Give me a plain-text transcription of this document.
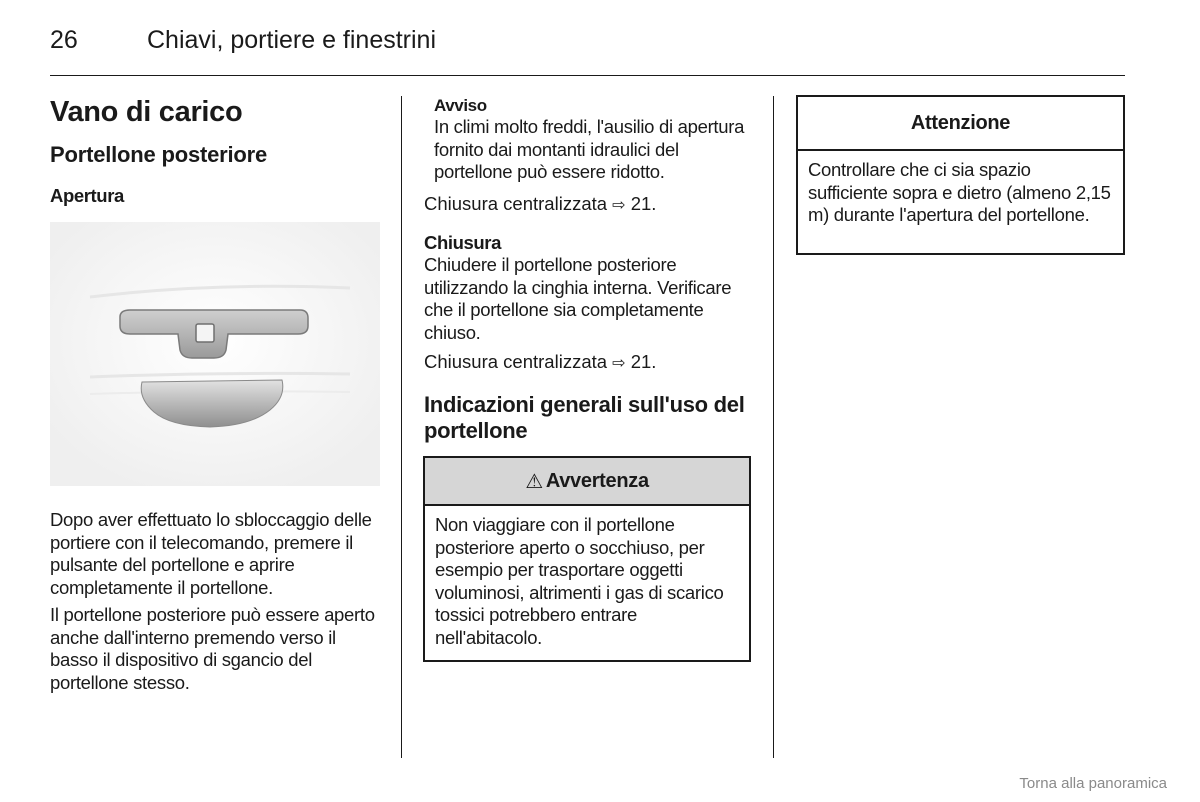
26	Chiavi, portiere e finestrini
Vano di carico
Portellone posteriore
Apertura

Dopo aver effettuato lo sbloccaggio delle portiere con il telecomando, premere il pulsante del portellone e aprire completamente il portellone.

Il portellone posteriore può essere aperto anche dall'interno premendo verso il basso il dispositivo di sgancio del portellone stesso.

Avviso

In climi molto freddi, l'ausilio di apertura fornito dai montanti idraulici del portellone può essere ridotto.

Chiusura centralizzata ⇨ 21.

Chiusura

Chiudere il portellone posteriore utilizzando la cinghia interna. Verificare che il portellone sia completamente chiuso.

Chiusura centralizzata ⇨ 21.

Indicazioni generali sull'uso del portellone
⚠ Avvertenza
Non viaggiare con il portellone posteriore aperto o socchiuso, per esempio per trasportare oggetti voluminosi, altrimenti i gas di scarico tossici potrebbero entrare nell'abitacolo.
Attenzione
Controllare che ci sia spazio sufficiente sopra e dietro (almeno 2,15 m) durante l'apertura del portellone.
Torna alla panoramica
